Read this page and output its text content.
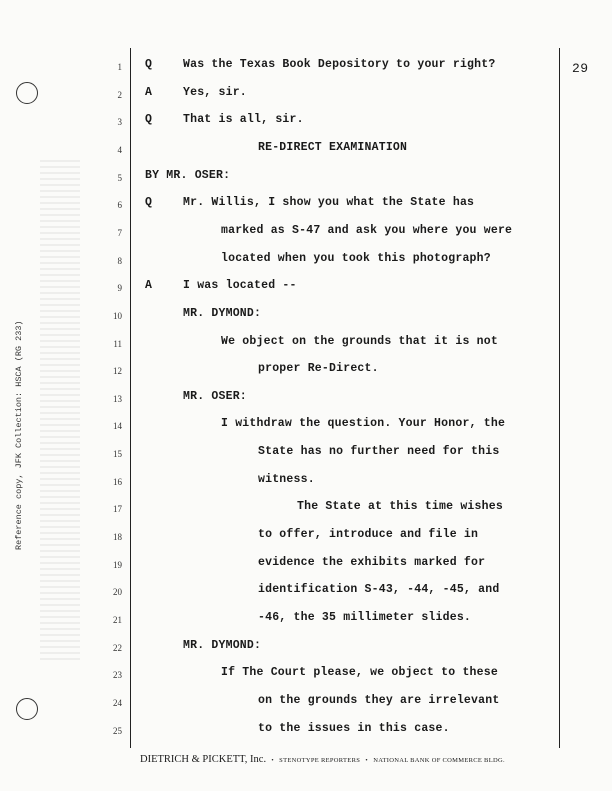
Reference copy, JFK Collection: HSCA (RG 233)
29
1 Q	Was the Texas Book Depository to your right?
2 A	Yes, sir.
3 Q	That is all, sir.
4	RE-DIRECT EXAMINATION
5 BY MR. OSER:
6 Q	Mr. Willis, I show you what the State has
7	marked as S-47 and ask you where you were
8	located when you took this photograph?
9 A	I was located --
10	MR. DYMOND:
11	We object on the grounds that it is not
12	proper Re-Direct.
13	MR. OSER:
14	I withdraw the question. Your Honor, the
15	State has no further need for this
16	witness.
17	The State at this time wishes
18	to offer, introduce and file in
19	evidence the exhibits marked for
20	identification S-43, -44, -45, and
21	-46, the 35 millimeter slides.
22	MR. DYMOND:
23	If The Court please, we object to these
24	on the grounds they are irrelevant
25	to the issues in this case.
DIETRICH & PICKETT, Inc. • STENOTYPE REPORTERS • NATIONAL BANK OF COMMERCE BLDG.
